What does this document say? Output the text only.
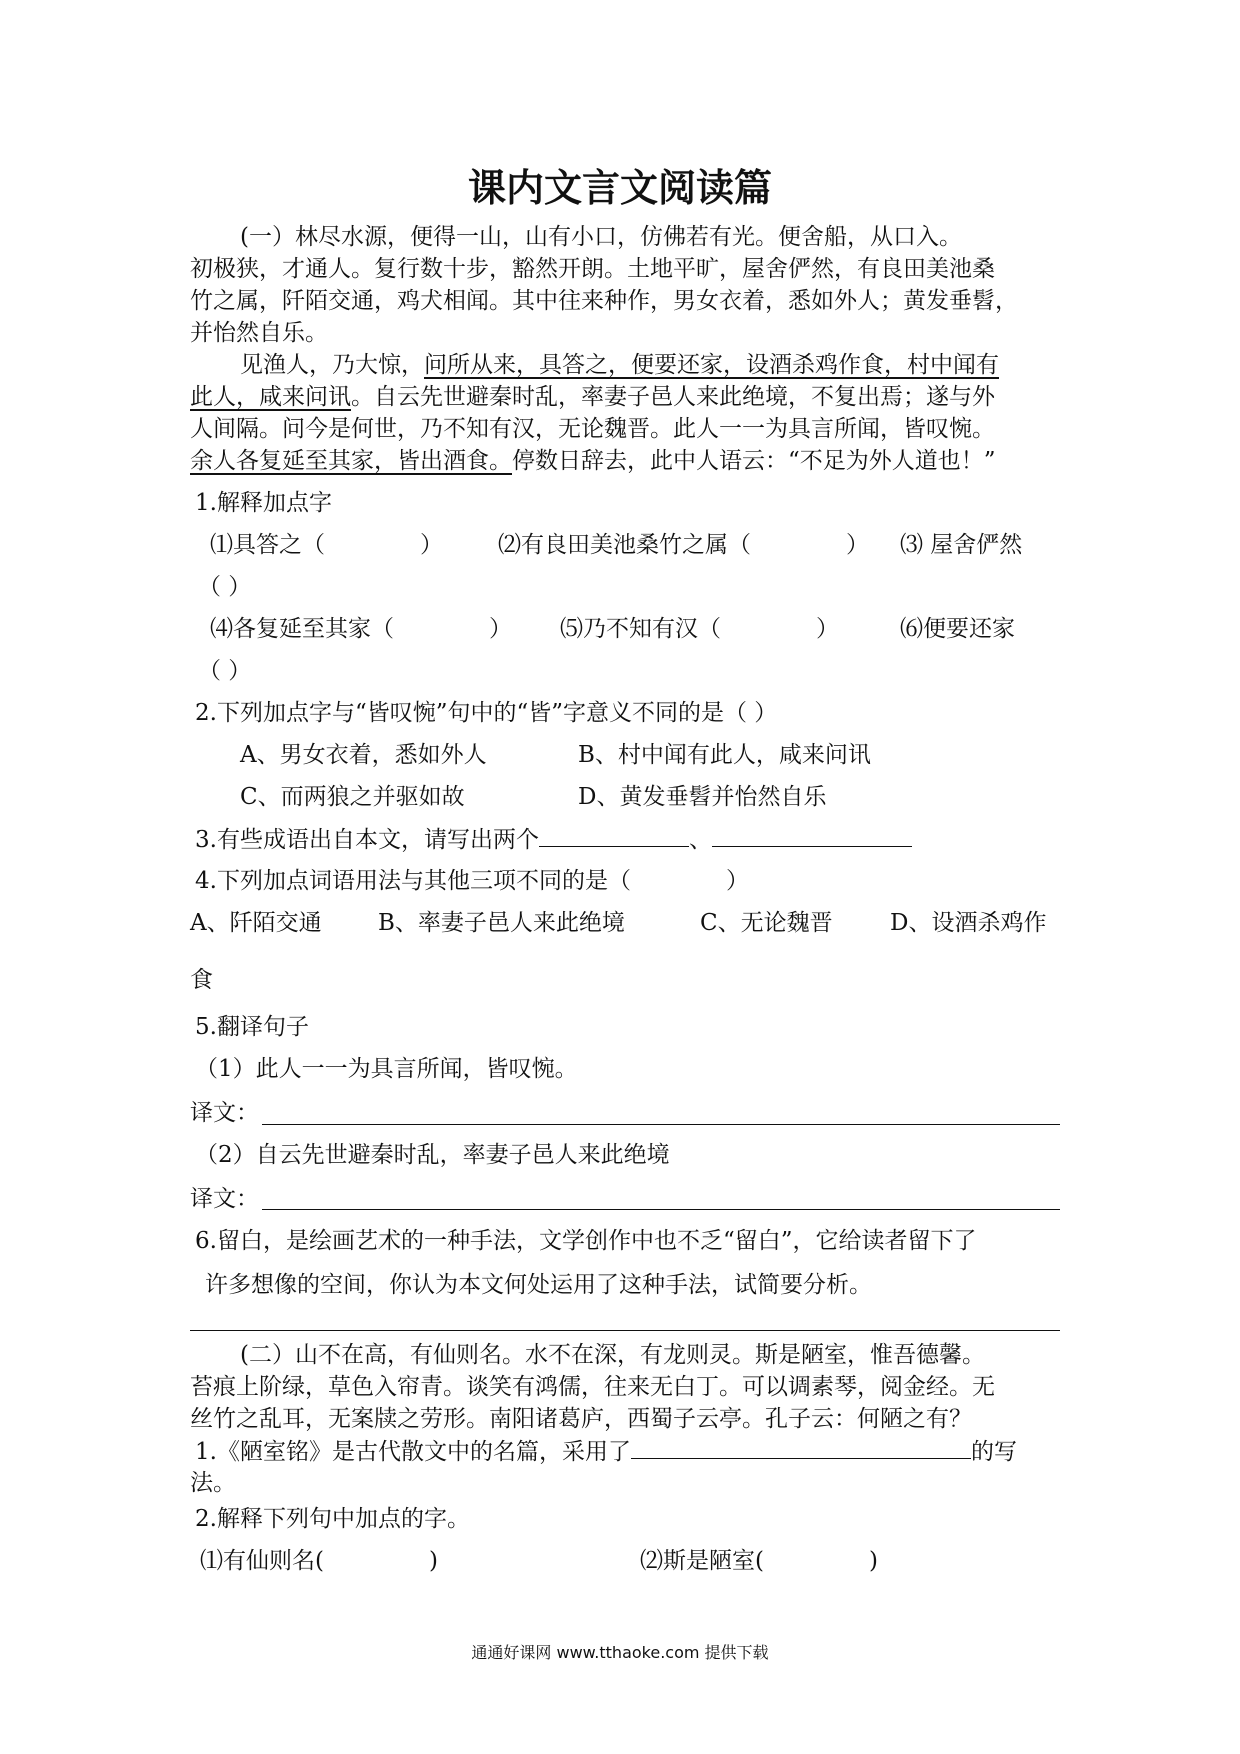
课内文言文阅读篇
(一）林尽水源，便得一山，山有小口，仿佛若有光。便舍船，从口入。
初极狭，才通人。复行数十步，豁然开朗。土地平旷，屋舍俨然，有良田美池桑
竹之属，阡陌交通，鸡犬相闻。其中往来种作，男女衣着，悉如外人；黄发垂髫，
并怡然自乐。
见渔人，乃大惊，问所从来，具答之，便要还家，设酒杀鸡作食，村中闻有
此人，咸来问讯。自云先世避秦时乱，率妻子邑人来此绝境，不复出焉；遂与外
人间隔。问今是何世，乃不知有汉，无论魏晋。此人一一为具言所闻，皆叹惋。
余人各复延至其家，皆出酒食。停数日辞去，此中人语云：“不足为外人道也！”
1.解释加点字
⑴具答之（	） ⑵有良田美池桑竹之属（	） ⑶ 屋舍俨然
（ ）
⑷各复延至其家（	） ⑸乃不知有汉（	）	⑹便要还家
（ ）
2.下列加点字与“皆叹惋”句中的“皆”字意义不同的是（ ）
A、男女衣着，悉如外人	B、村中闻有此人，咸来问讯
C、而两狼之并驱如故	D、黄发垂髫并怡然自乐
3.有些成语出自本文，请写出两个	、
4.下列加点词语用法与其他三项不同的是（	）
A、阡陌交通 B、率妻子邑人来此绝境	C、无论魏晋 D、设酒杀鸡作
食
5.翻译句子
（1）此人一一为具言所闻，皆叹惋。
译文：
（2）自云先世避秦时乱，率妻子邑人来此绝境
译文：
6.留白，是绘画艺术的一种手法，文学创作中也不乏“留白”，它给读者留下了
许多想像的空间，你认为本文何处运用了这种手法，试简要分析。
(二）山不在高，有仙则名。水不在深，有龙则灵。斯是陋室，惟吾德馨。
苔痕上阶绿，草色入帘青。谈笑有鸿儒，往来无白丁。可以调素琴，阅金经。无
丝竹之乱耳，无案牍之劳形。南阳诸葛庐，西蜀子云亭。孔子云：何陋之有？
1.《陋室铭》是古代散文中的名篇，采用了	的写
法。
2.解释下列句中加点的字。
⑴有仙则名(	)	⑵斯是陋室(	)
通通好课网 www.tthaoke.com 提供下载
